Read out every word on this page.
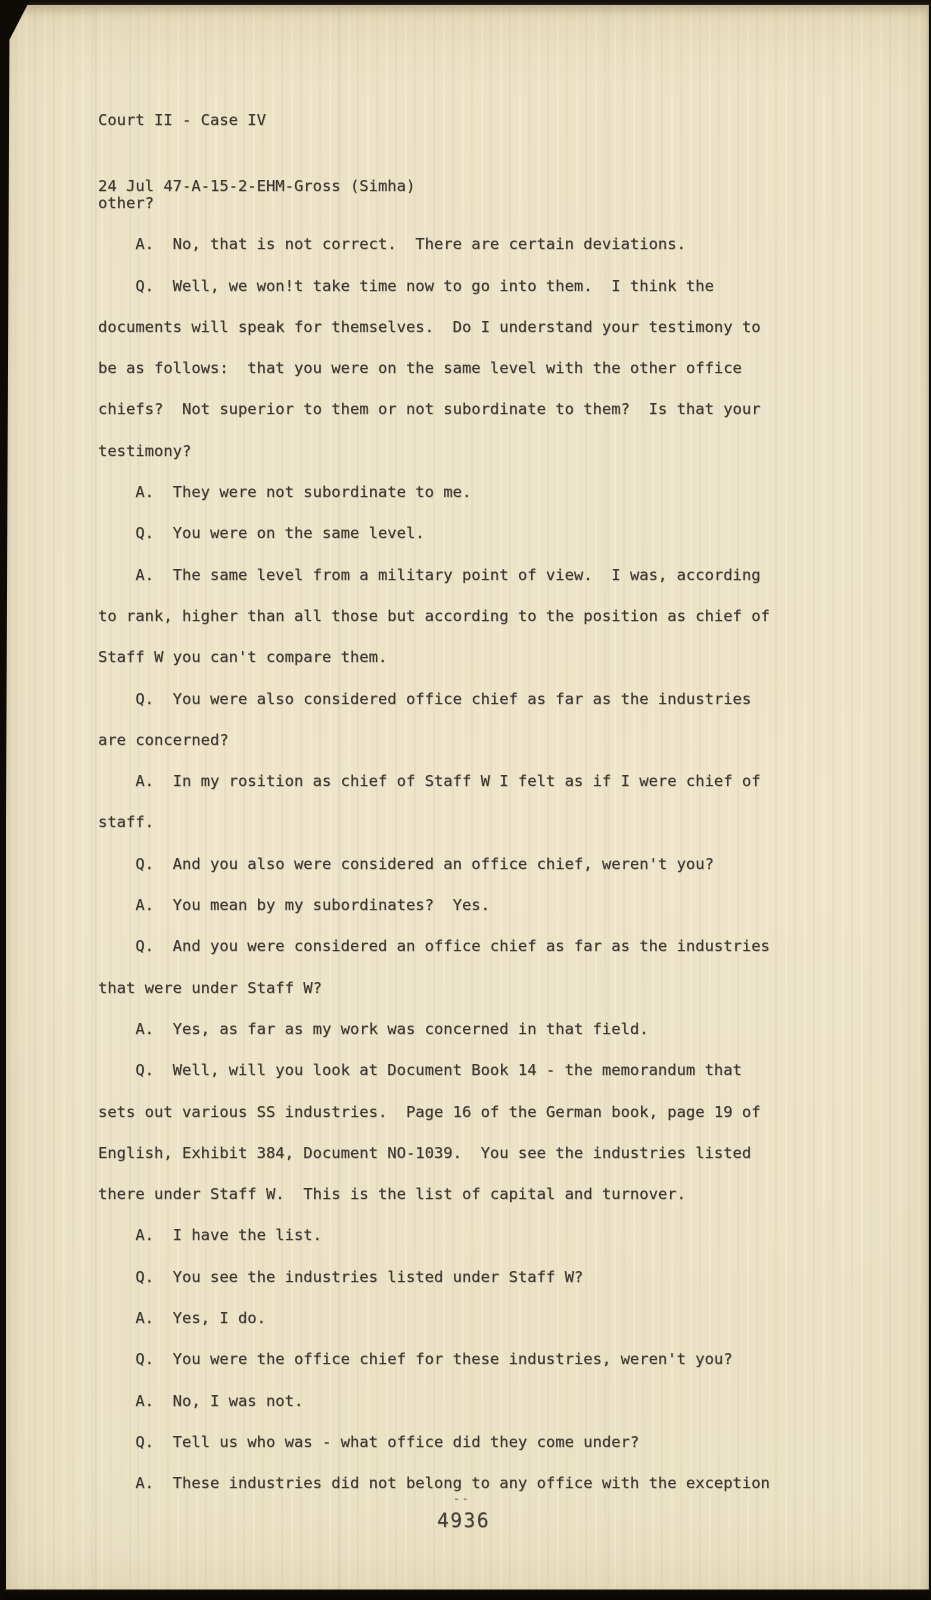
Court II - Case IV

24 Jul 47-A-15-2-EHM-Gross (Simha)

other?
A.  No, that is not correct.  There are certain deviations.
Q.  Well, we won!t take time now to go into them.  I think the
documents will speak for themselves.  Do I understand your testimony to
be as follows:  that you were on the same level with the other office
chiefs?  Not superior to them or not subordinate to them?  Is that your
testimony?
A.  They were not subordinate to me.
Q.  You were on the same level.
A.  The same level from a military point of view.  I was, according
to rank, higher than all those but according to the position as chief of
Staff W you can't compare them.
Q.  You were also considered office chief as far as the industries
are concerned?
A.  In my rosition as chief of Staff W I felt as if I were chief of
staff.
Q.  And you also were considered an office chief, weren't you?
A.  You mean by my subordinates?  Yes.
Q.  And you were considered an office chief as far as the industries
that were under Staff W?
A.  Yes, as far as my work was concerned in that field.
Q.  Well, will you look at Document Book 14 - the memorandum that
sets out various SS industries.  Page 16 of the German book, page 19 of
English, Exhibit 384, Document NO-1039.  You see the industries listed
there under Staff W.  This is the list of capital and turnover.
A.  I have the list.
Q.  You see the industries listed under Staff W?
A.  Yes, I do.
Q.  You were the office chief for these industries, weren't you?
A.  No, I was not.
Q.  Tell us who was - what office did they come under?
A.  These industries did not belong to any office with the exception
--
4936
